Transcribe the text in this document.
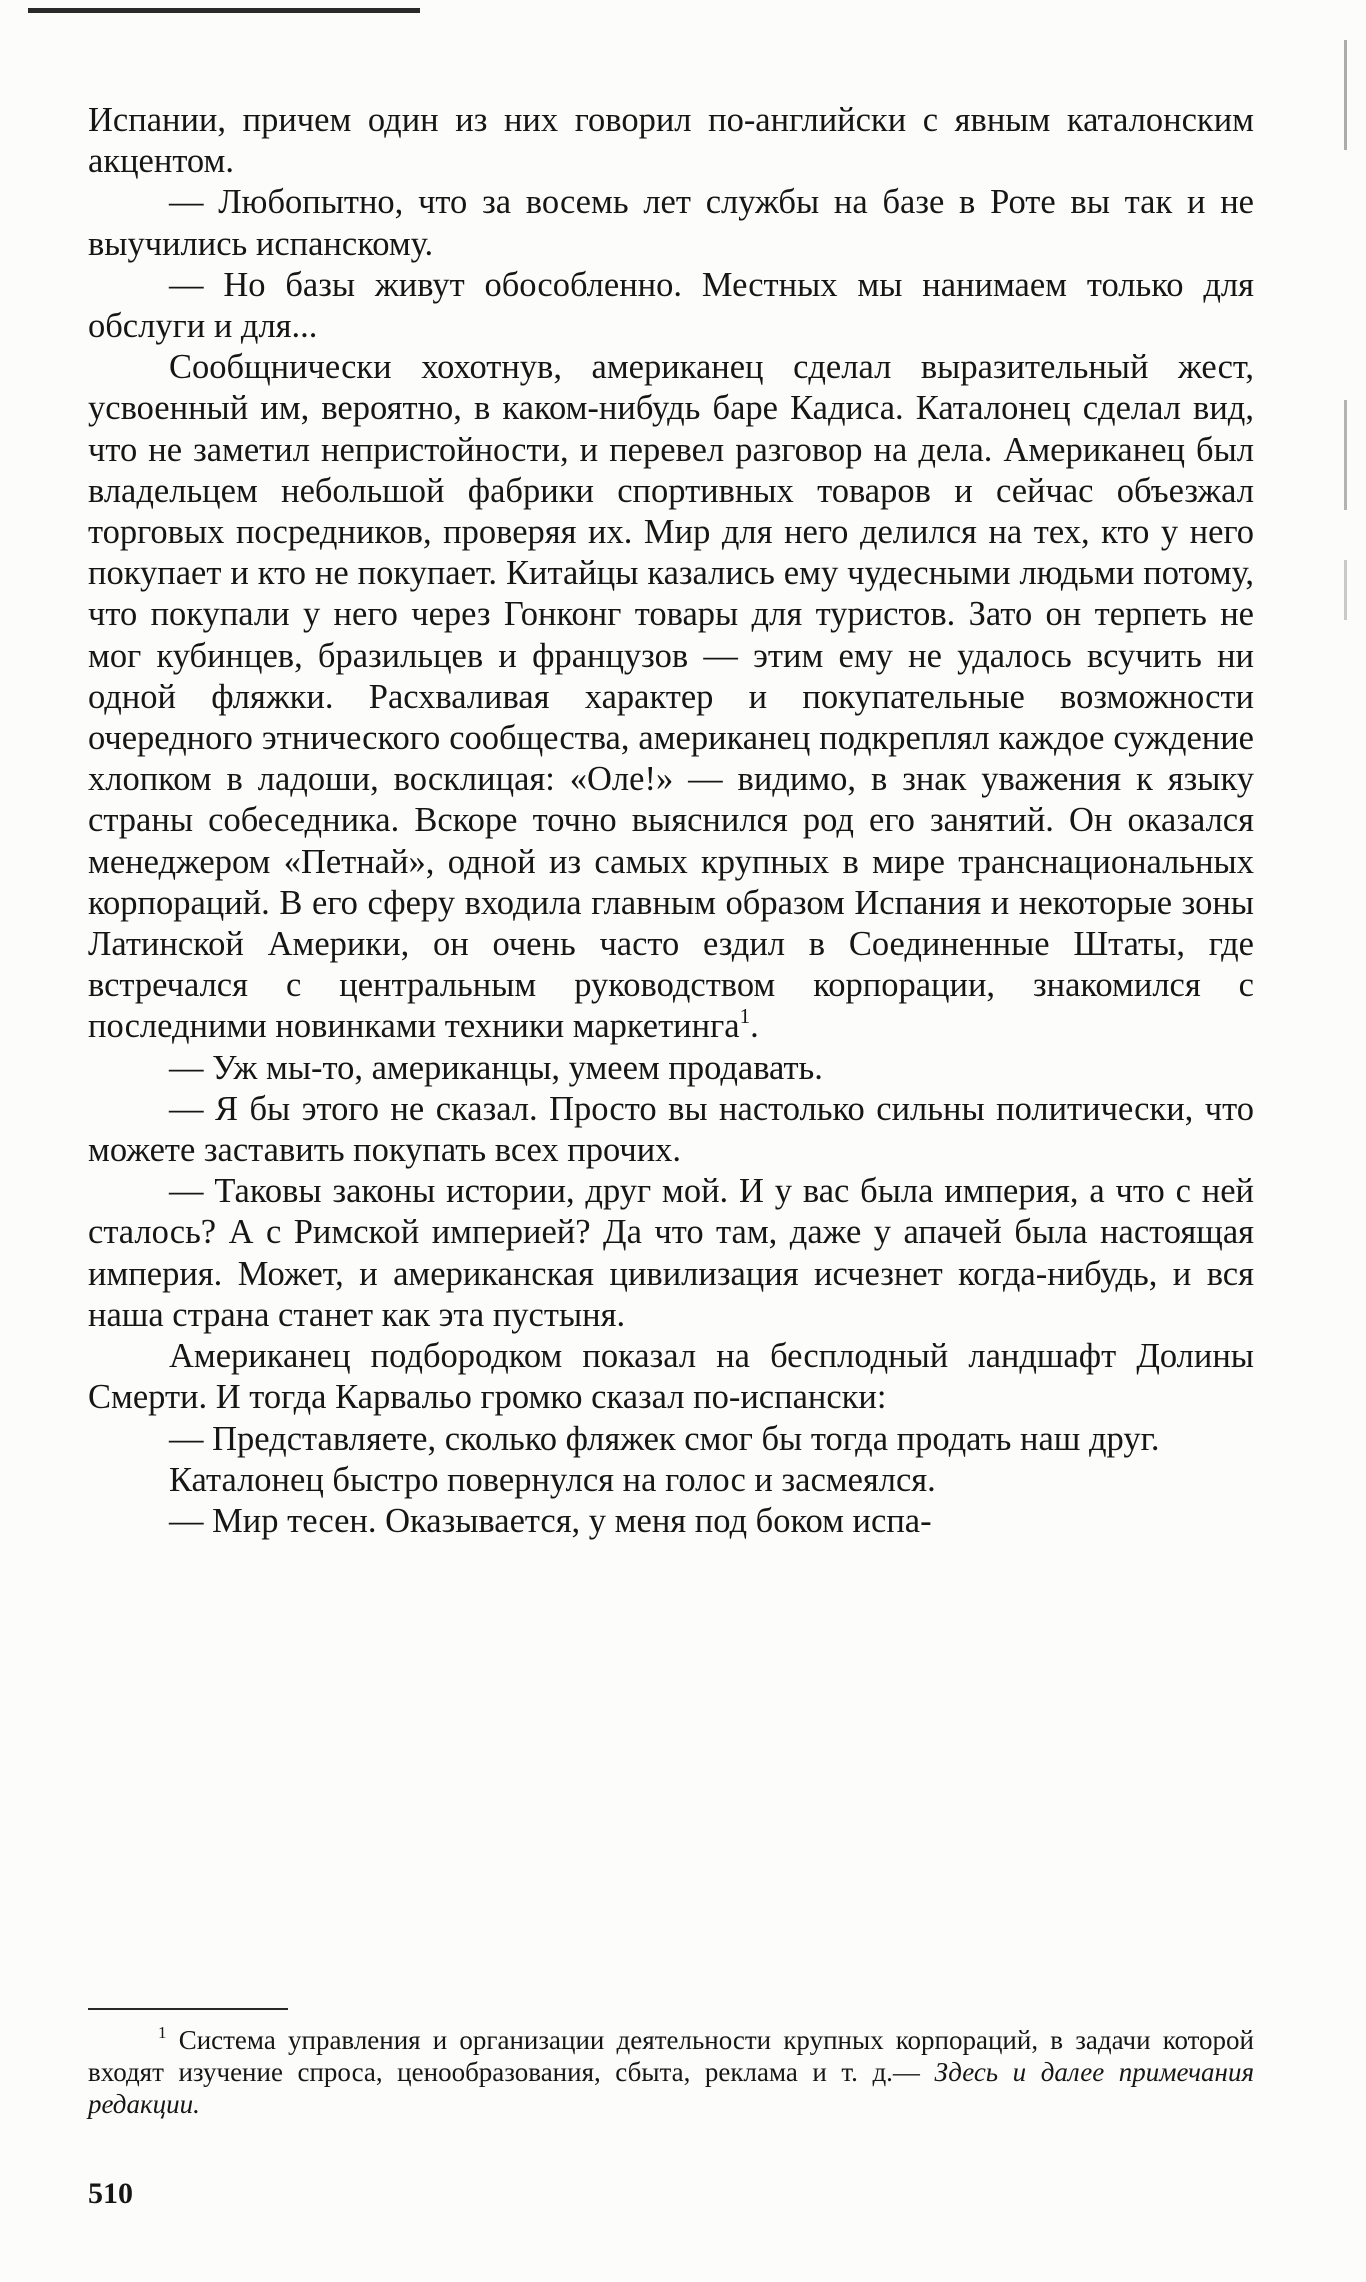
Испании, причем один из них говорил по-английски с явным каталонским акцентом.

— Любопытно, что за восемь лет службы на базе в Роте вы так и не выучились испанскому.

— Но базы живут обособленно. Местных мы нанимаем только для обслуги и для...

Сообщнически хохотнув, американец сделал выразительный жест, усвоенный им, вероятно, в каком-нибудь баре Кадиса. Каталонец сделал вид, что не заметил непристойности, и перевел разговор на дела. Американец был владельцем небольшой фабрики спортивных товаров и сейчас объезжал торговых посредников, проверяя их. Мир для него делился на тех, кто у него покупает и кто не покупает. Китайцы казались ему чудесными людьми потому, что покупали у него через Гонконг товары для туристов. Зато он терпеть не мог кубинцев, бразильцев и французов — этим ему не удалось всучить ни одной фляжки. Расхваливая характер и покупательные возможности очередного этнического сообщества, американец подкреплял каждое суждение хлопком в ладоши, восклицая: «Оле!» — видимо, в знак уважения к языку страны собеседника. Вскоре точно выяснился род его занятий. Он оказался менеджером «Петнай», одной из самых крупных в мире транснациональных корпораций. В его сферу входила главным образом Испания и некоторые зоны Латинской Америки, он очень часто ездил в Соединенные Штаты, где встречался с центральным руководством корпорации, знакомился с последними новинками техники маркетинга$^1$.

— Уж мы-то, американцы, умеем продавать.

— Я бы этого не сказал. Просто вы настолько сильны политически, что можете заставить покупать всех прочих.

— Таковы законы истории, друг мой. И у вас была империя, а что с ней сталось? А с Римской империей? Да что там, даже у апачей была настоящая империя. Может, и американская цивилизация исчезнет когда-нибудь, и вся наша страна станет как эта пустыня.

Американец подбородком показал на бесплодный ландшафт Долины Смерти. И тогда Карвальо громко сказал по-испански:

— Представляете, сколько фляжек смог бы тогда продать наш друг.

Каталонец быстро повернулся на голос и засмеялся.

— Мир тесен. Оказывается, у меня под боком испа-

$^1$ Система управления и организации деятельности крупных корпораций, в задачи которой входят изучение спроса, ценообразования, сбыта, реклама и т. д.— Здесь и далее примечания редакции.

510
